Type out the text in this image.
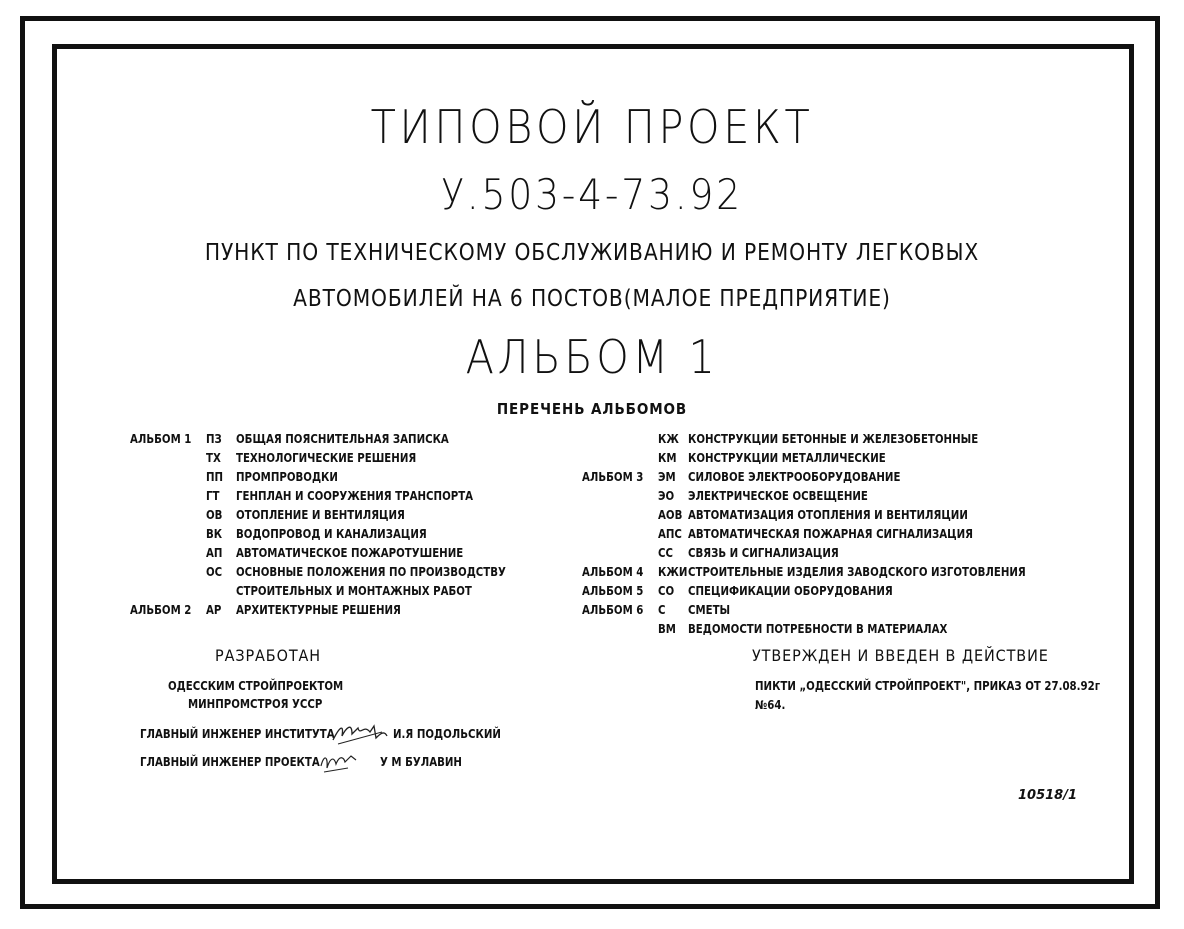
ТИПОВОЙ ПРОЕКТ
У.503-4-73.92
ПУНКТ ПО ТЕХНИЧЕСКОМУ ОБСЛУЖИВАНИЮ И РЕМОНТУ ЛЕГКОВЫХ
АВТОМОБИЛЕЙ НА 6 ПОСТОВ(МАЛОЕ ПРЕДПРИЯТИЕ)
АЛЬБОМ 1
ПЕРЕЧЕНЬ АЛЬБОМОВ
АЛЬБОМ 1 ПЗ ОБЩАЯ ПОЯСНИТЕЛЬНАЯ ЗАПИСКА
ТХ ТЕХНОЛОГИЧЕСКИЕ РЕШЕНИЯ
ПП ПРОМПРОВОДКИ
ГТ ГЕНПЛАН И СООРУЖЕНИЯ ТРАНСПОРТА
ОВ ОТОПЛЕНИЕ И ВЕНТИЛЯЦИЯ
ВК ВОДОПРОВОД И КАНАЛИЗАЦИЯ
АП АВТОМАТИЧЕСКОЕ ПОЖАРОТУШЕНИЕ
ОС ОСНОВНЫЕ ПОЛОЖЕНИЯ ПО ПРОИЗВОДСТВУ
СТРОИТЕЛЬНЫХ И МОНТАЖНЫХ РАБОТ
АЛЬБОМ 2 АР АРХИТЕКТУРНЫЕ РЕШЕНИЯ
КЖ КОНСТРУКЦИИ БЕТОННЫЕ И ЖЕЛЕЗОБЕТОННЫЕ
КМ КОНСТРУКЦИИ МЕТАЛЛИЧЕСКИЕ
АЛЬБОМ 3 ЭМ СИЛОВОЕ ЭЛЕКТРООБОРУДОВАНИЕ
ЭО ЭЛЕКТРИЧЕСКОЕ ОСВЕЩЕНИЕ
АОВ АВТОМАТИЗАЦИЯ ОТОПЛЕНИЯ И ВЕНТИЛЯЦИИ
АПС АВТОМАТИЧЕСКАЯ ПОЖАРНАЯ СИГНАЛИЗАЦИЯ
СС СВЯЗЬ И СИГНАЛИЗАЦИЯ
АЛЬБОМ 4 КЖИ СТРОИТЕЛЬНЫЕ ИЗДЕЛИЯ ЗАВОДСКОГО ИЗГОТОВЛЕНИЯ
АЛЬБОМ 5 СО СПЕЦИФИКАЦИИ ОБОРУДОВАНИЯ
АЛЬБОМ 6 С СМЕТЫ
ВМ ВЕДОМОСТИ ПОТРЕБНОСТИ В МАТЕРИАЛАХ
РАЗРАБОТАН
ОДЕССКИМ СТРОЙПРОЕКТОМ
МИНПРОМСТРОЯ УССР
ГЛАВНЫЙ ИНЖЕНЕР ИНСТИТУТА	И.Я ПОДОЛЬСКИЙ
ГЛАВНЫЙ ИНЖЕНЕР ПРОЕКТА	У М БУЛАВИН
УТВЕРЖДЕН И ВВЕДЕН В ДЕЙСТВИЕ
ПИКТИ „ОДЕССКИЙ СТРОЙПРОЕКТ", ПРИКАЗ ОТ 27.08.92г
№64.
10518/1
